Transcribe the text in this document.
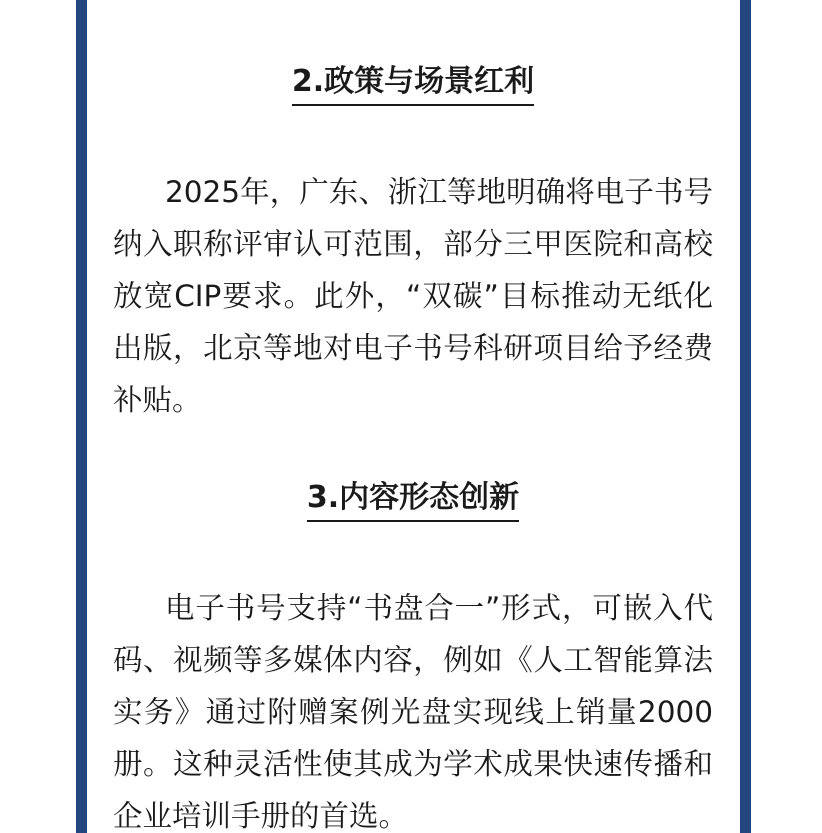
2.政策与场景红利

2025年，广东、浙江等地明确将电子书号纳入职称评审认可范围，部分三甲医院和高校放宽CIP要求。此外，“双碳”目标推动无纸化出版，北京等地对电子书号科研项目给予经费补贴。

3.内容形态创新

电子书号支持“书盘合一”形式，可嵌入代码、视频等多媒体内容，例如《人工智能算法实务》通过附赠案例光盘实现线上销量2000册。这种灵活性使其成为学术成果快速传播和企业培训手册的首选。
